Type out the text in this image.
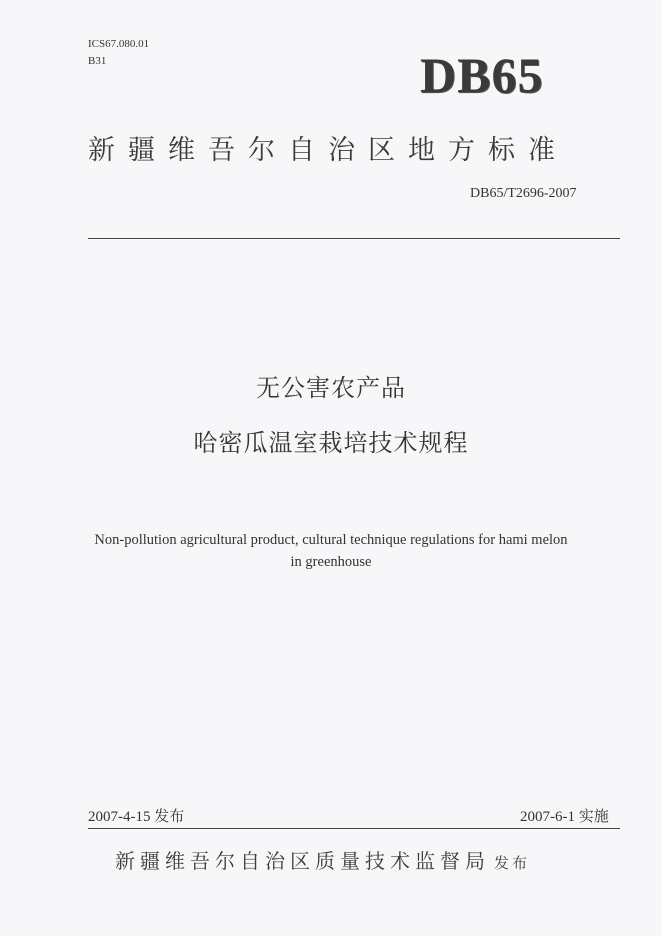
ICS67.080.01
B31	DB65
新疆维吾尔自治区地方标准
DB65/T2696-2007
无公害农产品
哈密瓜温室栽培技术规程
Non-pollution agricultural product, cultural technique regulations for hami melon
in greenhouse
2007-4-15 发布	2007-6-1 实施
新疆维吾尔自治区质量技术监督局 发布
